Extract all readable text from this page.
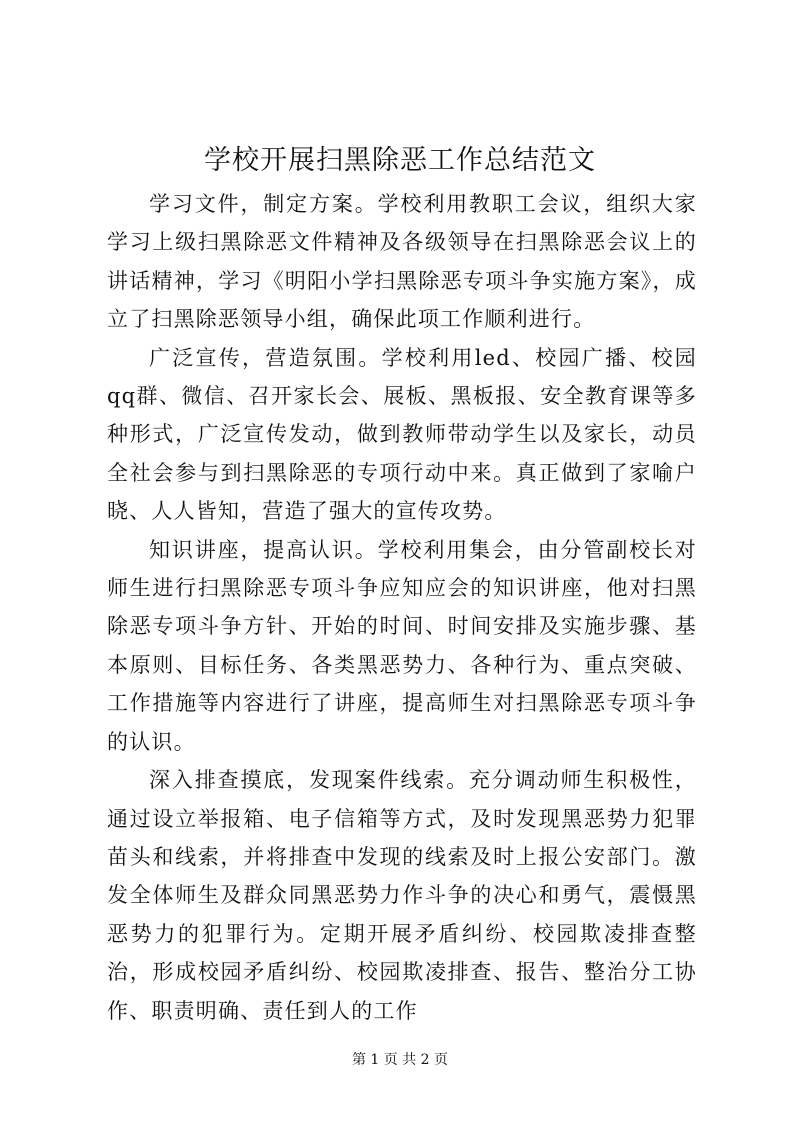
学校开展扫黑除恶工作总结范文

学习文件，制定方案。学校利用教职工会议，组织大家学习上级扫黑除恶文件精神及各级领导在扫黑除恶会议上的讲话精神，学习《明阳小学扫黑除恶专项斗争实施方案》，成立了扫黑除恶领导小组，确保此项工作顺利进行。

广泛宣传，营造氛围。学校利用led、校园广播、校园qq群、微信、召开家长会、展板、黑板报、安全教育课等多种形式，广泛宣传发动，做到教师带动学生以及家长，动员全社会参与到扫黑除恶的专项行动中来。真正做到了家喻户晓、人人皆知，营造了强大的宣传攻势。

知识讲座，提高认识。学校利用集会，由分管副校长对师生进行扫黑除恶专项斗争应知应会的知识讲座，他对扫黑除恶专项斗争方针、开始的时间、时间安排及实施步骤、基本原则、目标任务、各类黑恶势力、各种行为、重点突破、工作措施等内容进行了讲座，提高师生对扫黑除恶专项斗争的认识。

深入排查摸底，发现案件线索。充分调动师生积极性，通过设立举报箱、电子信箱等方式，及时发现黑恶势力犯罪苗头和线索，并将排查中发现的线索及时上报公安部门。激发全体师生及群众同黑恶势力作斗争的决心和勇气，震慑黑恶势力的犯罪行为。定期开展矛盾纠纷、校园欺凌排查整治，形成校园矛盾纠纷、校园欺凌排查、报告、整治分工协作、职责明确、责任到人的工作

第 1 页 共 2 页
